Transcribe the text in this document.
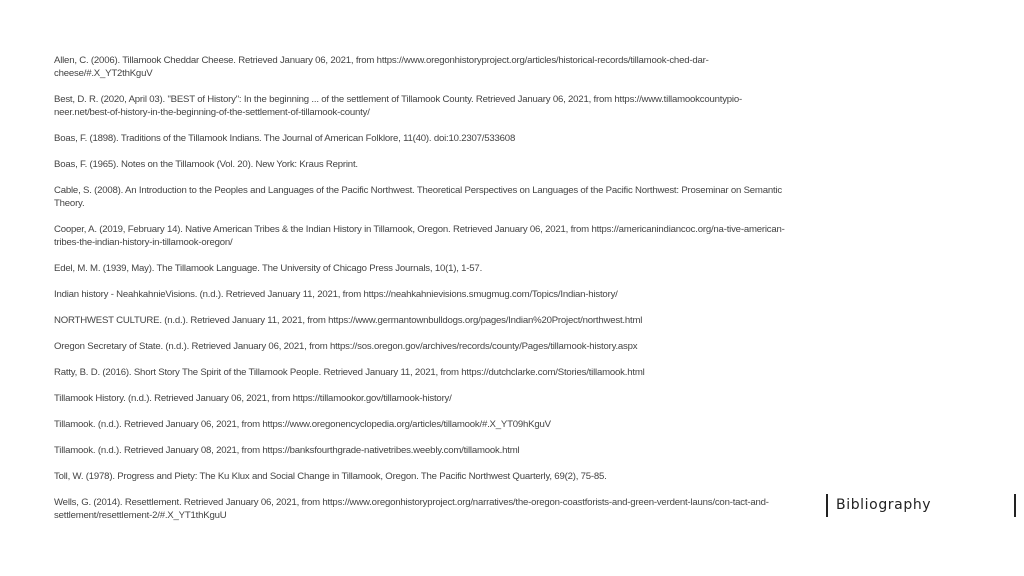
Allen, C. (2006). Tillamook Cheddar Cheese. Retrieved January 06, 2021, from https://www.oregonhistoryproject.org/articles/historical-records/tillamook-ched-dar-cheese/#.X_YT2thKguV

Best, D. R. (2020, April 03). "BEST of History": In the beginning ... of the settlement of Tillamook County. Retrieved January 06, 2021, from https://www.tillamookcountypio-neer.net/best-of-history-in-the-beginning-of-the-settlement-of-tillamook-county/

Boas, F. (1898). Traditions of the Tillamook Indians. The Journal of American Folklore, 11(40). doi:10.2307/533608

Boas, F. (1965). Notes on the Tillamook (Vol. 20). New York: Kraus Reprint.

Cable, S. (2008). An Introduction to the Peoples and Languages of the Pacific Northwest. Theoretical Perspectives on Languages of the Pacific Northwest: Proseminar on Semantic Theory.

Cooper, A. (2019, February 14). Native American Tribes & the Indian History in Tillamook, Oregon. Retrieved January 06, 2021, from https://americanindiancoc.org/na-tive-american-tribes-the-indian-history-in-tillamook-oregon/

Edel, M. M. (1939, May). The Tillamook Language. The University of Chicago Press Journals, 10(1), 1-57.

Indian history - NeahkahnieVisions. (n.d.). Retrieved January 11, 2021, from https://neahkahnievisions.smugmug.com/Topics/Indian-history/

NORTHWEST CULTURE. (n.d.). Retrieved January 11, 2021, from https://www.germantownbulldogs.org/pages/Indian%20Project/northwest.html

Oregon Secretary of State. (n.d.). Retrieved January 06, 2021, from https://sos.oregon.gov/archives/records/county/Pages/tillamook-history.aspx

Ratty, B. D. (2016). Short Story The Spirit of the Tillamook People. Retrieved January 11, 2021, from https://dutchclarke.com/Stories/tillamook.html

Tillamook History. (n.d.). Retrieved January 06, 2021, from https://tillamookor.gov/tillamook-history/

Tillamook. (n.d.). Retrieved January 06, 2021, from https://www.oregonencyclopedia.org/articles/tillamook/#.X_YT09hKguV

Tillamook. (n.d.). Retrieved January 08, 2021, from https://banksfourthgrade-nativetribes.weebly.com/tillamook.html

Toll, W. (1978). Progress and Piety: The Ku Klux and Social Change in Tillamook, Oregon. The Pacific Northwest Quarterly, 69(2), 75-85.

Wells, G. (2014). Resettlement. Retrieved January 06, 2021, from https://www.oregonhistoryproject.org/narratives/the-oregon-coastforists-and-green-verdent-launs/con-tact-and-settlement/resettlement-2/#.X_YT1thKguU

Bibliography
